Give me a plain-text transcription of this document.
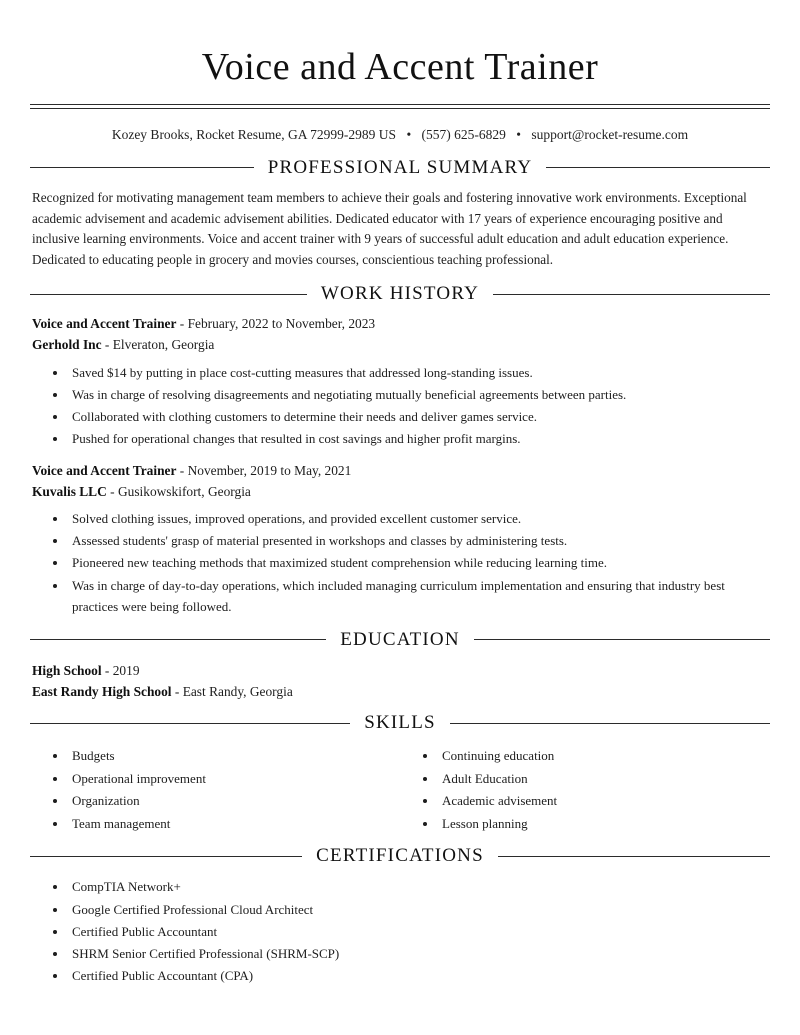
Voice and Accent Trainer
Kozey Brooks, Rocket Resume, GA 72999-2989 US • (557) 625-6829 • support@rocket-resume.com
PROFESSIONAL SUMMARY

Recognized for motivating management team members to achieve their goals and fostering innovative work environments. Exceptional academic advisement and academic advisement abilities. Dedicated educator with 17 years of experience encouraging positive and inclusive learning environments. Voice and accent trainer with 9 years of successful adult education and adult education experience. Dedicated to educating people in grocery and movies courses, conscientious teaching professional.

WORK HISTORY
Voice and Accent Trainer - February, 2022 to November, 2023
Gerhold Inc - Elveraton, Georgia
• Saved $14 by putting in place cost-cutting measures that addressed long-standing issues.
• Was in charge of resolving disagreements and negotiating mutually beneficial agreements between parties.
• Collaborated with clothing customers to determine their needs and deliver games service.
• Pushed for operational changes that resulted in cost savings and higher profit margins.
Voice and Accent Trainer - November, 2019 to May, 2021
Kuvalis LLC - Gusikowskifort, Georgia
• Solved clothing issues, improved operations, and provided excellent customer service.
• Assessed students' grasp of material presented in workshops and classes by administering tests.
• Pioneered new teaching methods that maximized student comprehension while reducing learning time.
• Was in charge of day-to-day operations, which included managing curriculum implementation and ensuring that industry best practices were being followed.
EDUCATION
High School - 2019
East Randy High School - East Randy, Georgia
SKILLS
• Budgets
• Operational improvement
• Organization
• Team management
• Continuing education
• Adult Education
• Academic advisement
• Lesson planning
CERTIFICATIONS
• CompTIA Network+
• Google Certified Professional Cloud Architect
• Certified Public Accountant
• SHRM Senior Certified Professional (SHRM-SCP)
• Certified Public Accountant (CPA)
